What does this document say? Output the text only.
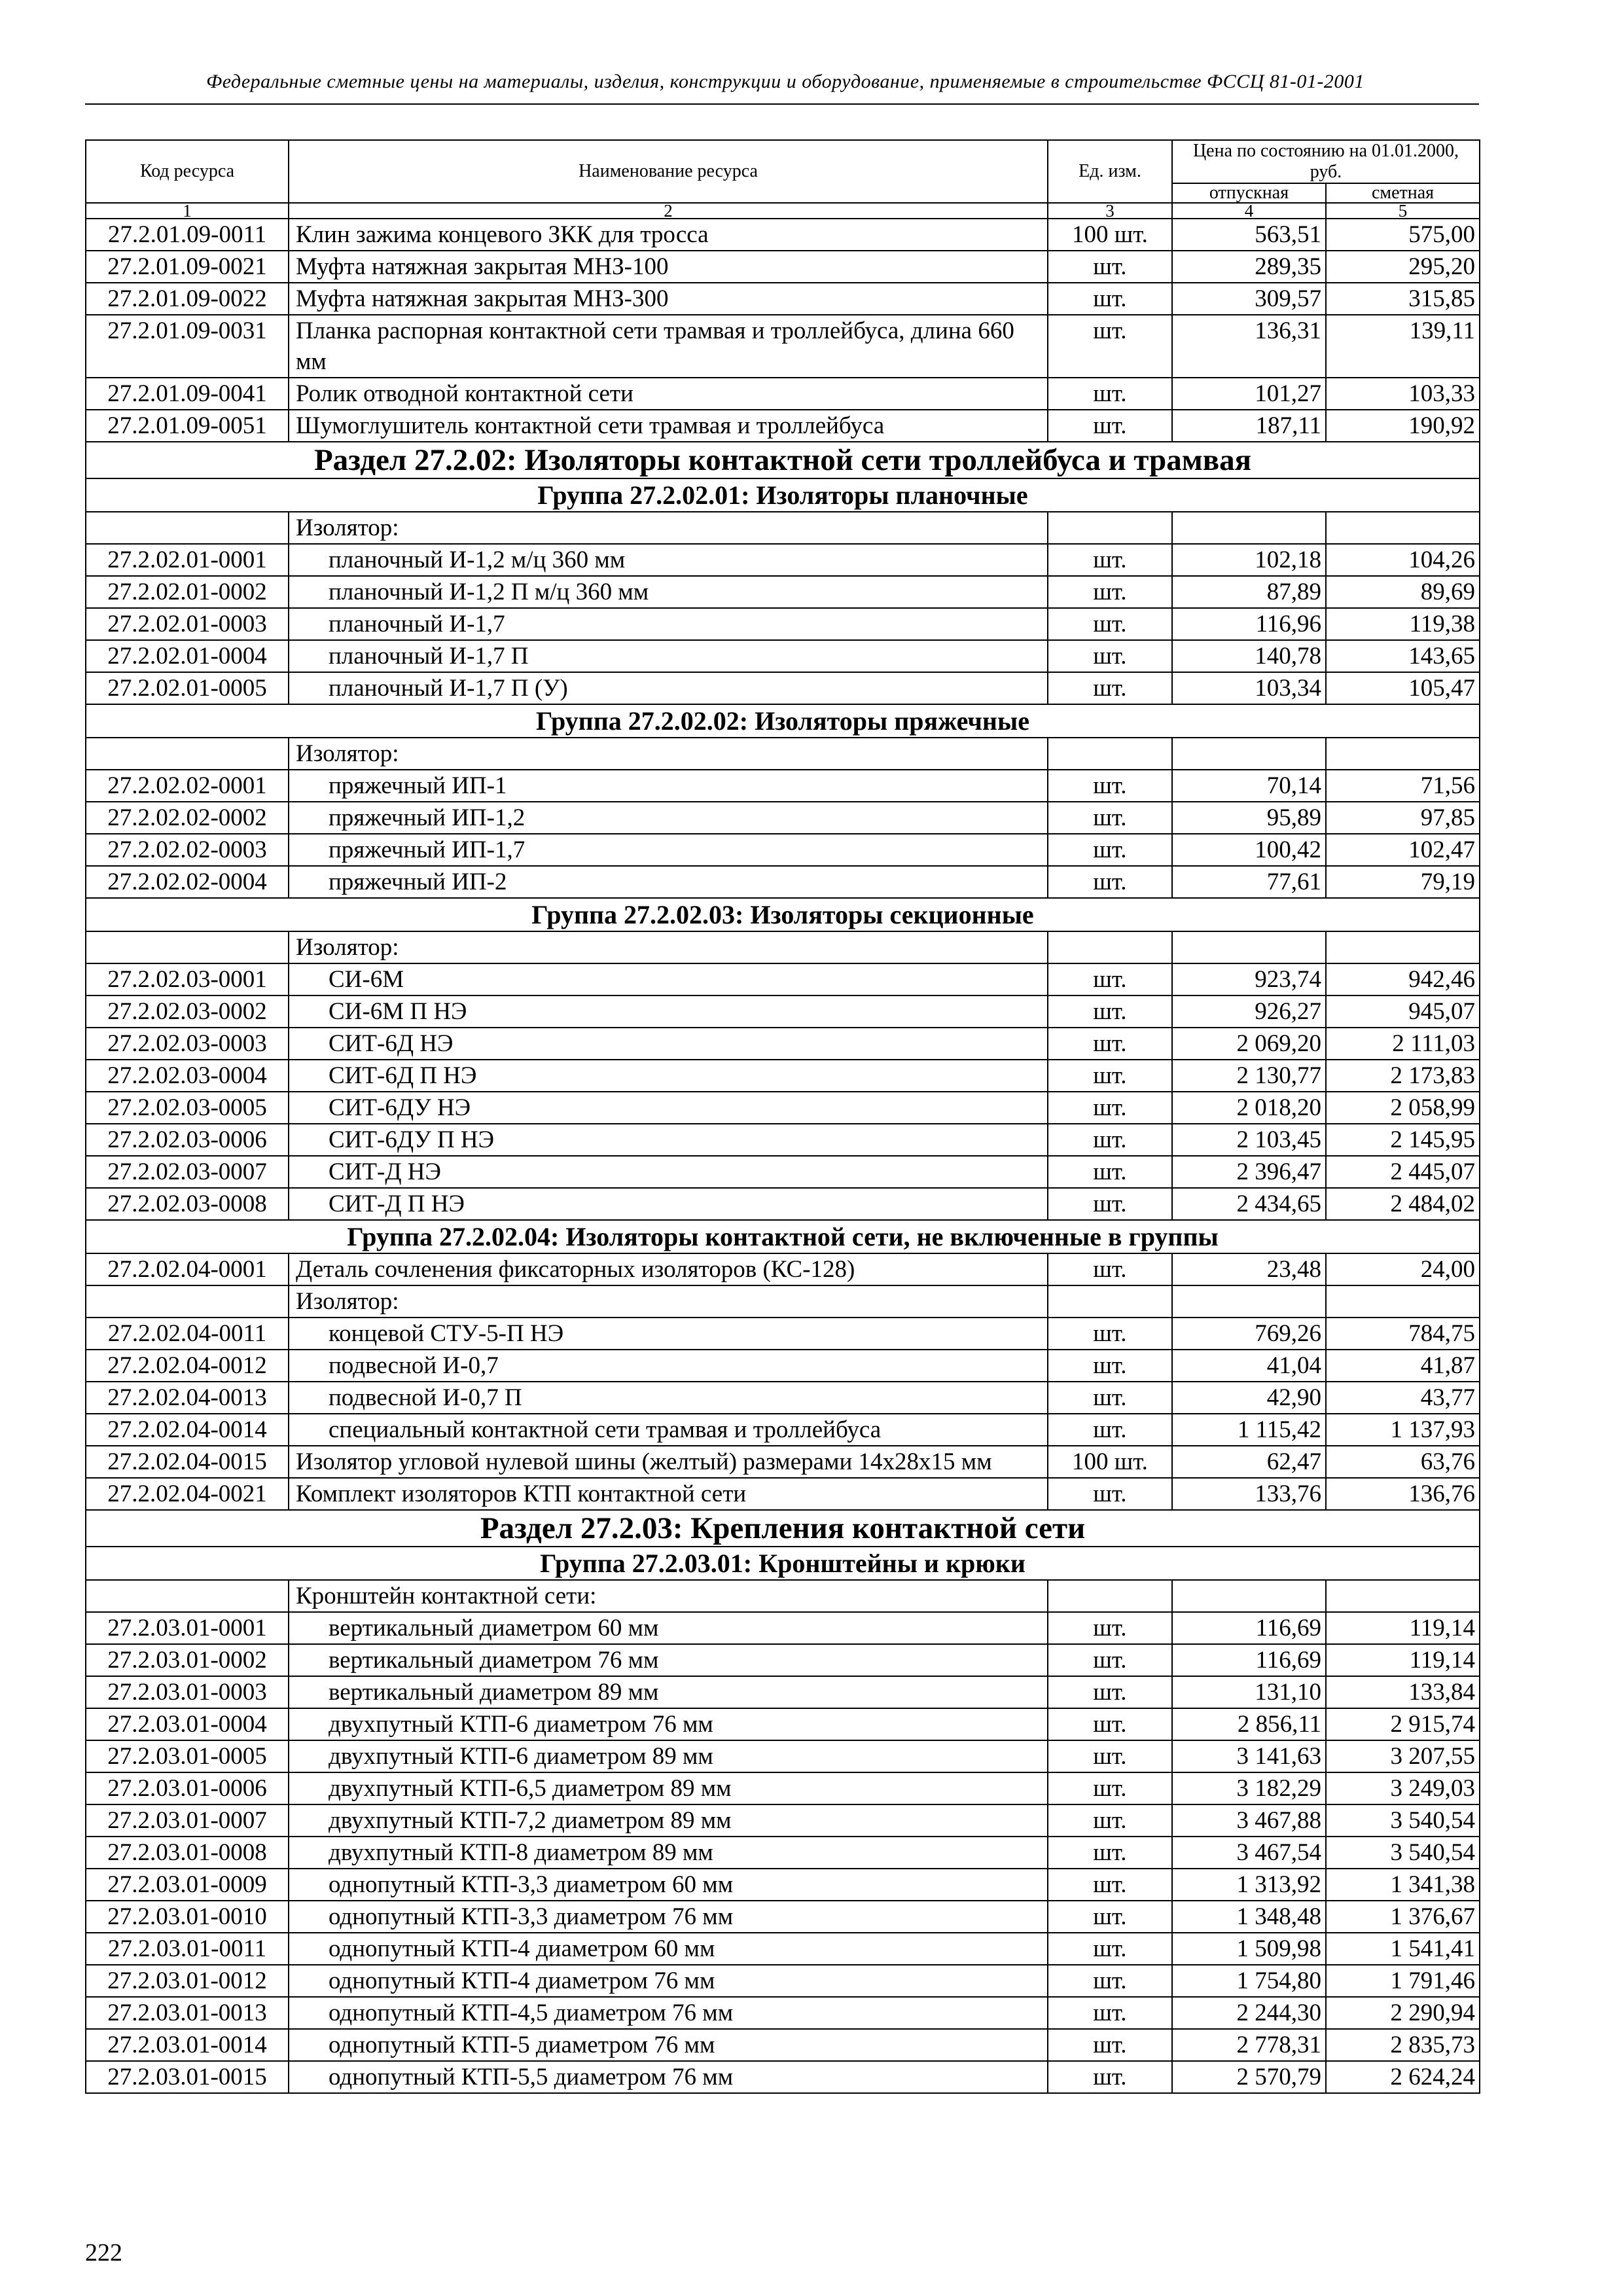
Федеральные сметные цены на материалы, изделия, конструкции и оборудование, применяемые в строительстве ФССЦ 81-01-2001
Код ресурса	Наименование ресурса	Ед. изм.	Цена по состоянию на 01.01.2000, руб.	
			отпускная	сметная
1	2	3	4	5
27.2.01.09-0011	Клин зажима концевого ЗКК для тросса	100 шт.	563,51	575,00
27.2.01.09-0021	Муфта натяжная закрытая МНЗ-100	шт.	289,35	295,20
27.2.01.09-0022	Муфта натяжная закрытая МНЗ-300	шт.	309,57	315,85
27.2.01.09-0031	Планка распорная контактной сети трамвая и троллейбуса, длина 660 мм	шт.	136,31	139,11
27.2.01.09-0041	Ролик отводной контактной сети	шт.	101,27	103,33
27.2.01.09-0051	Шумоглушитель контактной сети трамвая и троллейбуса	шт.	187,11	190,92
Раздел 27.2.02: Изоляторы контактной сети троллейбуса и трамвая				
Группа 27.2.02.01: Изоляторы планочные				
	Изолятор:			
27.2.02.01-0001	планочный И-1,2 м/ц 360 мм	шт.	102,18	104,26
27.2.02.01-0002	планочный И-1,2 П м/ц 360 мм	шт.	87,89	89,69
27.2.02.01-0003	планочный И-1,7	шт.	116,96	119,38
27.2.02.01-0004	планочный И-1,7 П	шт.	140,78	143,65
27.2.02.01-0005	планочный И-1,7 П (У)	шт.	103,34	105,47
Группа 27.2.02.02: Изоляторы пряжечные				
	Изолятор:			
27.2.02.02-0001	пряжечный ИП-1	шт.	70,14	71,56
27.2.02.02-0002	пряжечный ИП-1,2	шт.	95,89	97,85
27.2.02.02-0003	пряжечный ИП-1,7	шт.	100,42	102,47
27.2.02.02-0004	пряжечный ИП-2	шт.	77,61	79,19
Группа 27.2.02.03: Изоляторы секционные				
	Изолятор:			
27.2.02.03-0001	СИ-6М	шт.	923,74	942,46
27.2.02.03-0002	СИ-6М П НЭ	шт.	926,27	945,07
27.2.02.03-0003	СИТ-6Д НЭ	шт.	2 069,20	2 111,03
27.2.02.03-0004	СИТ-6Д П НЭ	шт.	2 130,77	2 173,83
27.2.02.03-0005	СИТ-6ДУ НЭ	шт.	2 018,20	2 058,99
27.2.02.03-0006	СИТ-6ДУ П НЭ	шт.	2 103,45	2 145,95
27.2.02.03-0007	СИТ-Д НЭ	шт.	2 396,47	2 445,07
27.2.02.03-0008	СИТ-Д П НЭ	шт.	2 434,65	2 484,02
Группа 27.2.02.04: Изоляторы контактной сети, не включенные в группы				
27.2.02.04-0001	Деталь сочленения фиксаторных изоляторов (КС-128)	шт.	23,48	24,00
	Изолятор:			
27.2.02.04-0011	концевой СТУ-5-П НЭ	шт.	769,26	784,75
27.2.02.04-0012	подвесной И-0,7	шт.	41,04	41,87
27.2.02.04-0013	подвесной И-0,7 П	шт.	42,90	43,77
27.2.02.04-0014	специальный контактной сети трамвая и троллейбуса	шт.	1 115,42	1 137,93
27.2.02.04-0015	Изолятор угловой нулевой шины (желтый) размерами 14х28х15 мм	100 шт.	62,47	63,76
27.2.02.04-0021	Комплект изоляторов КТП контактной сети	шт.	133,76	136,76
Раздел 27.2.03: Крепления контактной сети				
Группа 27.2.03.01: Кронштейны и крюки				
	Кронштейн контактной сети:			
27.2.03.01-0001	вертикальный диаметром 60 мм	шт.	116,69	119,14
27.2.03.01-0002	вертикальный диаметром 76 мм	шт.	116,69	119,14
27.2.03.01-0003	вертикальный диаметром 89 мм	шт.	131,10	133,84
27.2.03.01-0004	двухпутный КТП-6 диаметром 76 мм	шт.	2 856,11	2 915,74
27.2.03.01-0005	двухпутный КТП-6 диаметром 89 мм	шт.	3 141,63	3 207,55
27.2.03.01-0006	двухпутный КТП-6,5 диаметром 89 мм	шт.	3 182,29	3 249,03
27.2.03.01-0007	двухпутный КТП-7,2 диаметром 89 мм	шт.	3 467,88	3 540,54
27.2.03.01-0008	двухпутный КТП-8 диаметром 89 мм	шт.	3 467,54	3 540,54
27.2.03.01-0009	однопутный КТП-3,3 диаметром 60 мм	шт.	1 313,92	1 341,38
27.2.03.01-0010	однопутный КТП-3,3 диаметром 76 мм	шт.	1 348,48	1 376,67
27.2.03.01-0011	однопутный КТП-4 диаметром 60 мм	шт.	1 509,98	1 541,41
27.2.03.01-0012	однопутный КТП-4 диаметром 76 мм	шт.	1 754,80	1 791,46
27.2.03.01-0013	однопутный КТП-4,5 диаметром 76 мм	шт.	2 244,30	2 290,94
27.2.03.01-0014	однопутный КТП-5 диаметром 76 мм	шт.	2 778,31	2 835,73
27.2.03.01-0015	однопутный КТП-5,5 диаметром 76 мм	шт.	2 570,79	2 624,24
222
